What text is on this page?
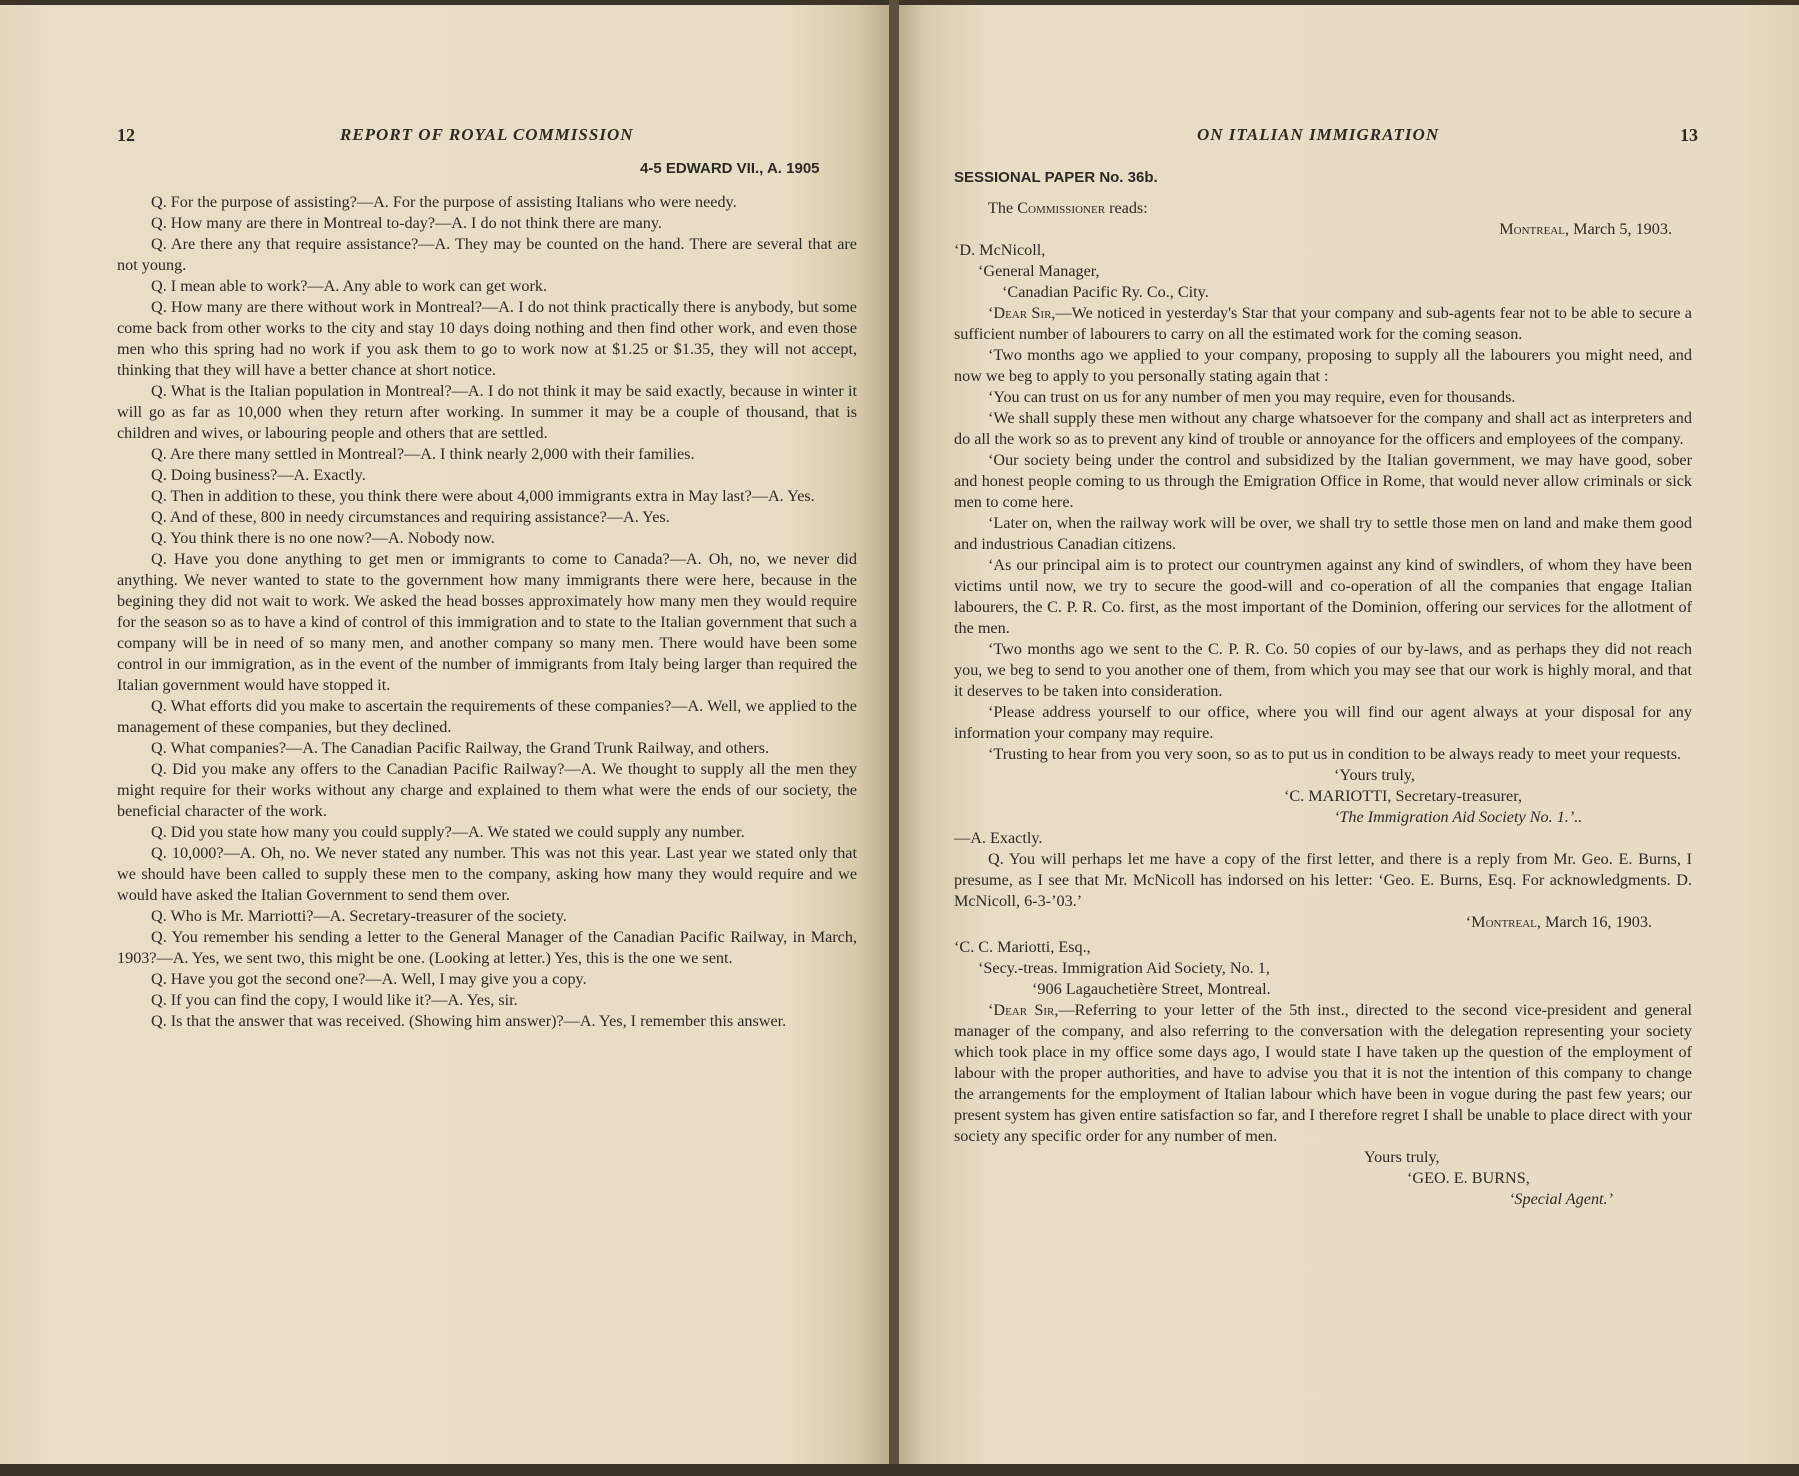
12	REPORT OF ROYAL COMMISSION
4-5 EDWARD VII., A. 1905

Q. For the purpose of assisting?—A. For the purpose of assisting Italians who were needy.

Q. How many are there in Montreal to-day?—A. I do not think there are many.

Q. Are there any that require assistance?—A. They may be counted on the hand. There are several that are not young.

Q. I mean able to work?—A. Any able to work can get work.

Q. How many are there without work in Montreal?—A. I do not think practically there is anybody, but some come back from other works to the city and stay 10 days doing nothing and then find other work, and even those men who this spring had no work if you ask them to go to work now at $1.25 or $1.35, they will not accept, thinking that they will have a better chance at short notice.

Q. What is the Italian population in Montreal?—A. I do not think it may be said exactly, because in winter it will go as far as 10,000 when they return after working. In summer it may be a couple of thousand, that is children and wives, or labouring people and others that are settled.

Q. Are there many settled in Montreal?—A. I think nearly 2,000 with their families.

Q. Doing business?—A. Exactly.

Q. Then in addition to these, you think there were about 4,000 immigrants extra in May last?—A. Yes.

Q. And of these, 800 in needy circumstances and requiring assistance?—A. Yes.

Q. You think there is no one now?—A. Nobody now.

Q. Have you done anything to get men or immigrants to come to Canada?—A. Oh, no, we never did anything. We never wanted to state to the government how many immigrants there were here, because in the begining they did not wait to work. We asked the head bosses approximately how many men they would require for the season so as to have a kind of control of this immigration and to state to the Italian government that such a company will be in need of so many men, and another company so many men. There would have been some control in our immigration, as in the event of the number of immigrants from Italy being larger than required the Italian government would have stopped it.

Q. What efforts did you make to ascertain the requirements of these companies?—A. Well, we applied to the management of these companies, but they declined.

Q. What companies?—A. The Canadian Pacific Railway, the Grand Trunk Railway, and others.

Q. Did you make any offers to the Canadian Pacific Railway?—A. We thought to supply all the men they might require for their works without any charge and explained to them what were the ends of our society, the beneficial character of the work.

Q. Did you state how many you could supply?—A. We stated we could supply any number.

Q. 10,000?—A. Oh, no. We never stated any number. This was not this year. Last year we stated only that we should have been called to supply these men to the company, asking how many they would require and we would have asked the Italian Government to send them over.

Q. Who is Mr. Marriotti?—A. Secretary-treasurer of the society.

Q. You remember his sending a letter to the General Manager of the Canadian Pacific Railway, in March, 1903?—A. Yes, we sent two, this might be one. (Looking at letter.) Yes, this is the one we sent.

Q. Have you got the second one?—A. Well, I may give you a copy.

Q. If you can find the copy, I would like it?—A. Yes, sir.

Q. Is that the answer that was received. (Showing him answer)?—A. Yes, I remember this answer.

ON ITALIAN IMMIGRATION	13
SESSIONAL PAPER No. 36b.

The Commissioner reads:

Montreal, March 5, 1903.
‘D. McNicoll,
‘General Manager,
‘Canadian Pacific Ry. Co., City.

‘Dear Sir,—We noticed in yesterday's Star that your company and sub-agents fear not to be able to secure a sufficient number of labourers to carry on all the estimated work for the coming season.

‘Two months ago we applied to your company, proposing to supply all the labourers you might need, and now we beg to apply to you personally stating again that :

‘You can trust on us for any number of men you may require, even for thousands.

‘We shall supply these men without any charge whatsoever for the company and shall act as interpreters and do all the work so as to prevent any kind of trouble or annoyance for the officers and employees of the company.

‘Our society being under the control and subsidized by the Italian government, we may have good, sober and honest people coming to us through the Emigration Office in Rome, that would never allow criminals or sick men to come here.

‘Later on, when the railway work will be over, we shall try to settle those men on land and make them good and industrious Canadian citizens.

‘As our principal aim is to protect our countrymen against any kind of swindlers, of whom they have been victims until now, we try to secure the good-will and co-operation of all the companies that engage Italian labourers, the C. P. R. Co. first, as the most important of the Dominion, offering our services for the allotment of the men.

‘Two months ago we sent to the C. P. R. Co. 50 copies of our by-laws, and as perhaps they did not reach you, we beg to send to you another one of them, from which you may see that our work is highly moral, and that it deserves to be taken into consideration.

‘Please address yourself to our office, where you will find our agent always at your disposal for any information your company may require.

‘Trusting to hear from you very soon, so as to put us in condition to be always ready to meet your requests.

‘Yours truly,
‘C. MARIOTTI, Secretary-treasurer,
‘The Immigration Aid Society No. 1.’..
—A. Exactly.

Q. You will perhaps let me have a copy of the first letter, and there is a reply from Mr. Geo. E. Burns, I presume, as I see that Mr. McNicoll has indorsed on his letter: ‘Geo. E. Burns, Esq. For acknowledgments. D. McNicoll, 6-3-’03.’

‘Montreal, March 16, 1903.
‘C. C. Mariotti, Esq.,
‘Secy.-treas. Immigration Aid Society, No. 1,
‘906 Lagauchetière Street, Montreal.

‘Dear Sir,—Referring to your letter of the 5th inst., directed to the second vice-president and general manager of the company, and also referring to the conversation with the delegation representing your society which took place in my office some days ago, I would state I have taken up the question of the employment of labour with the proper authorities, and have to advise you that it is not the intention of this company to change the arrangements for the employment of Italian labour which have been in vogue during the past few years; our present system has given entire satisfaction so far, and I therefore regret I shall be unable to place direct with your society any specific order for any number of men.

Yours truly,
‘GEO. E. BURNS,
‘Special Agent.’
